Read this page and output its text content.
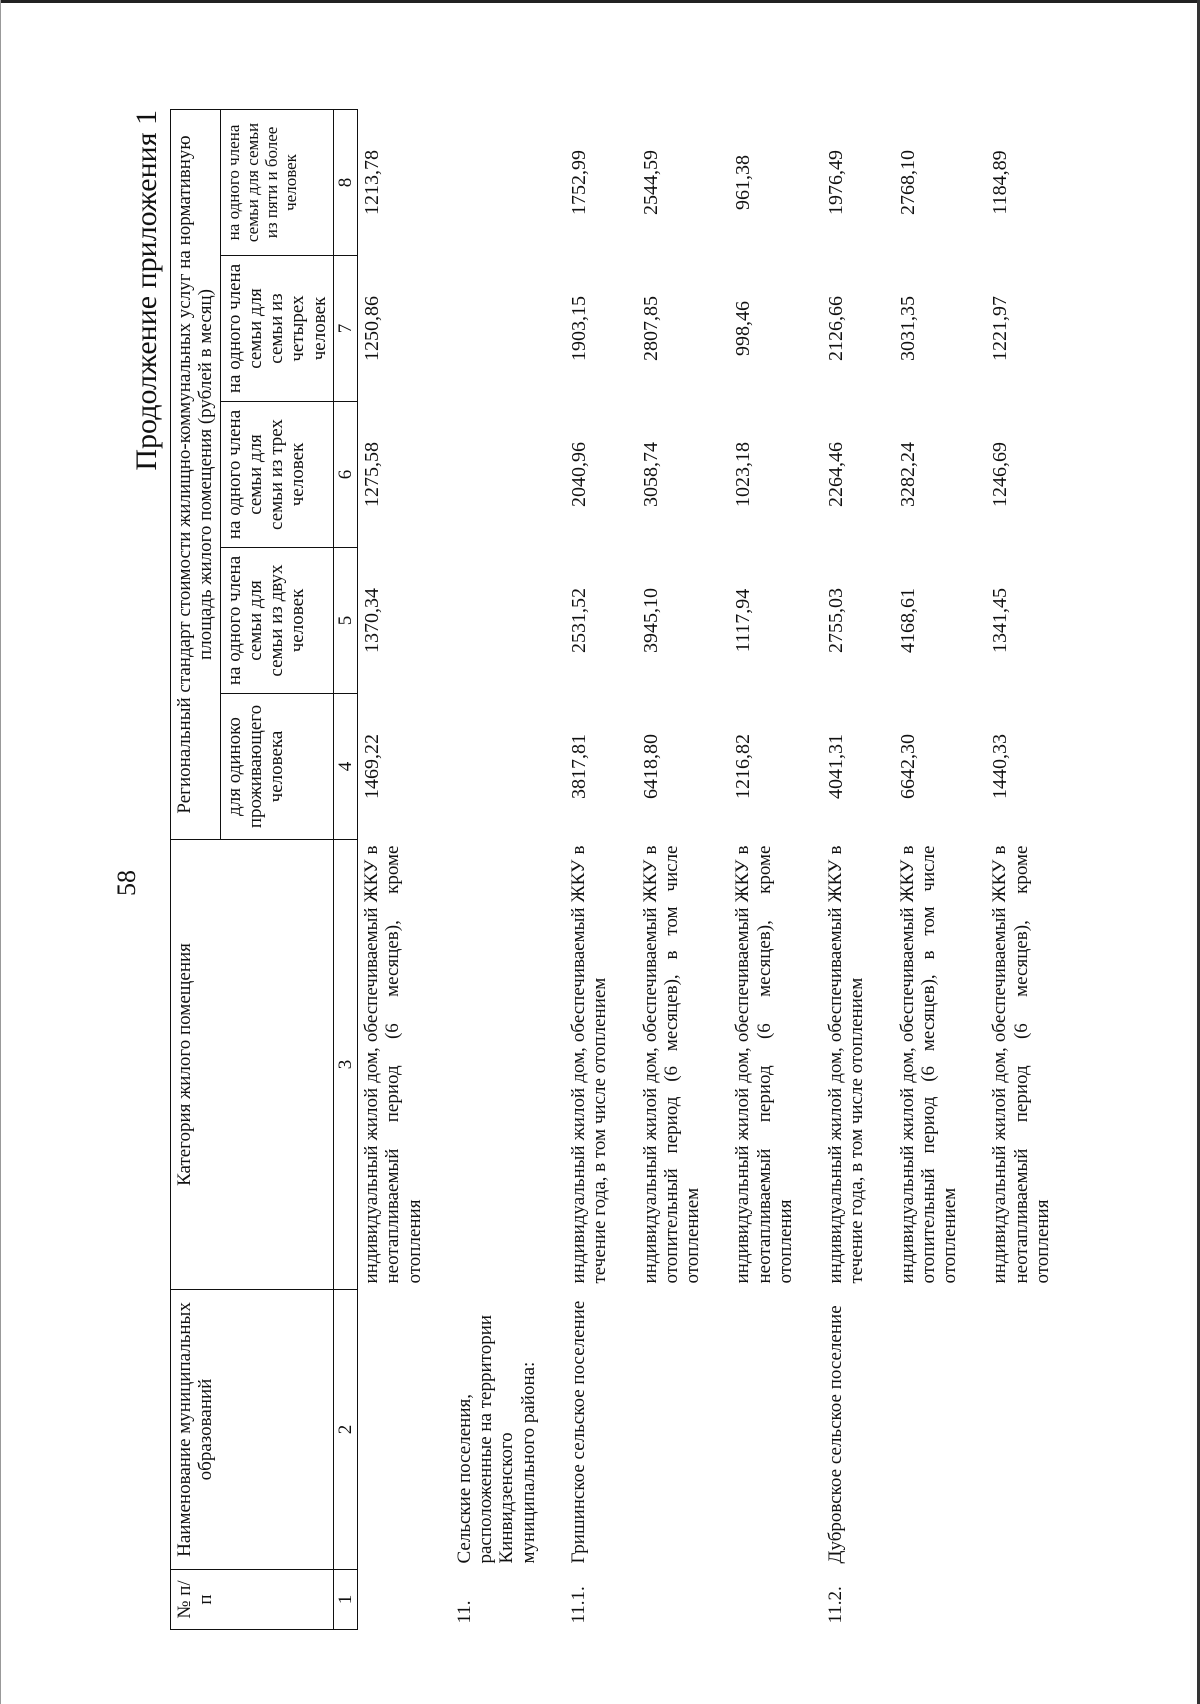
58
Продолжение приложения 1
№ п/п	Наименование муниципальных образований	Категория жилого помещения	Региональный стандарт стоимости жилищно-коммунальных услуг на нормативную площадь жилого помещения (рублей в месяц)				
			для одиноко проживающего человека	на одного члена семьи для семьи из двух человек	на одного члена семьи для семьи из трех человек	на одного члена семьи для семьи из четырех человек	на одного члена семьи для семьи из пяти и более человек
1	2	3	4	5	6	7	8
		индивидуальный жилой дом, обеспечиваемый ЖКУ в неотапливаемый период (6 месяцев), кроме отопления	1469,22	1370,34	1275,58	1250,86	1213,78
11.	Сельские поселения, расположенные на территории Кинвидзенского муниципального района:						
11.1.	Гришинское сельское поселение	индивидуальный жилой дом, обеспечиваемый ЖКУ в течение года, в том числе отоплением	3817,81	2531,52	2040,96	1903,15	1752,99
		индивидуальный жилой дом, обеспечиваемый ЖКУ в отопительный период (6 месяцев), в том числе отоплением	6418,80	3945,10	3058,74	2807,85	2544,59
		индивидуальный жилой дом, обеспечиваемый ЖКУ в неотапливаемый период (6 месяцев), кроме отопления	1216,82	1117,94	1023,18	998,46	961,38
11.2.	Дубровское сельское поселение	индивидуальный жилой дом, обеспечиваемый ЖКУ в течение года, в том числе отоплением	4041,31	2755,03	2264,46	2126,66	1976,49
		индивидуальный жилой дом, обеспечиваемый ЖКУ в отопительный период (6 месяцев), в том числе отоплением	6642,30	4168,61	3282,24	3031,35	2768,10
		индивидуальный жилой дом, обеспечиваемый ЖКУ в неотапливаемый период (6 месяцев), кроме отопления	1440,33	1341,45	1246,69	1221,97	1184,89
